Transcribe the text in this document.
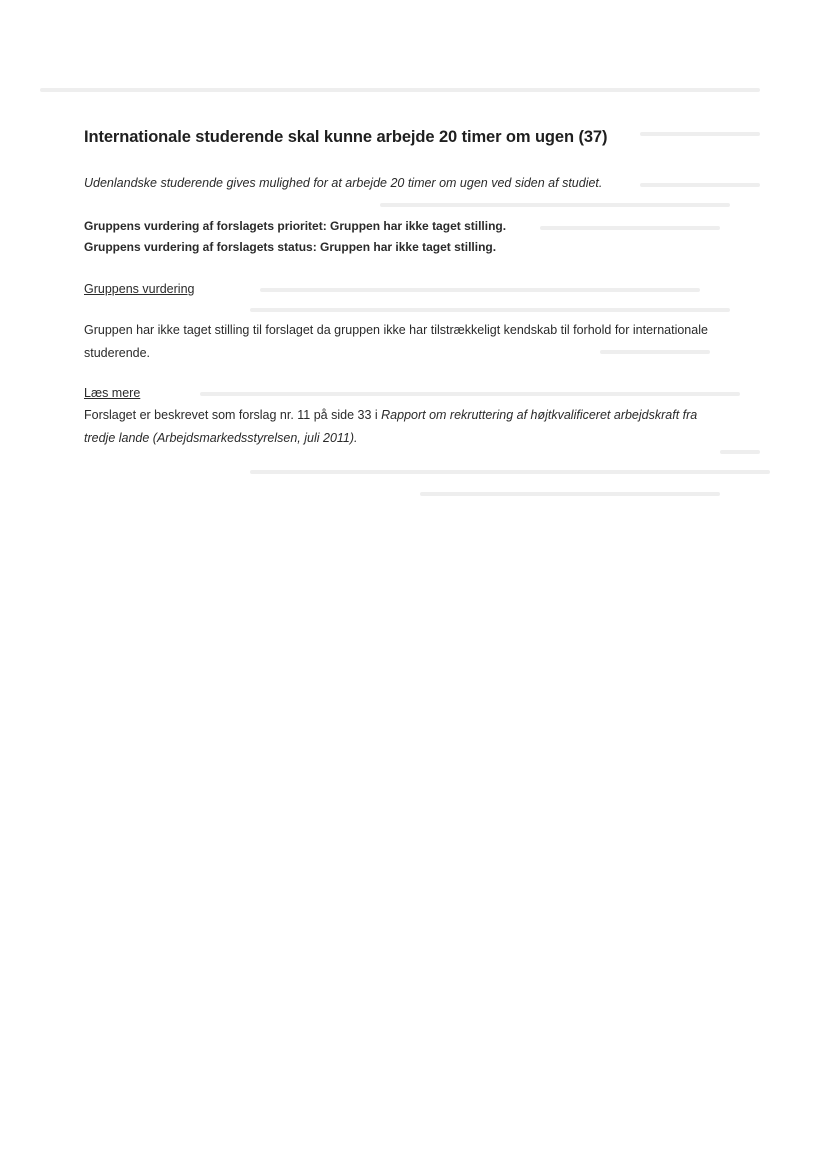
Internationale studerende skal kunne arbejde 20 timer om ugen (37)
Udenlandske studerende gives mulighed for at arbejde 20 timer om ugen ved siden af studiet.
Gruppens vurdering af forslagets prioritet: Gruppen har ikke taget stilling.
Gruppens vurdering af forslagets status: Gruppen har ikke taget stilling.
Gruppens vurdering
Gruppen har ikke taget stilling til forslaget da gruppen ikke har tilstrækkeligt kendskab til forhold for internationale studerende.
Læs mere
Forslaget er beskrevet som forslag nr. 11 på side 33 i Rapport om rekruttering af højtkvalificeret arbejdskraft fra tredje lande (Arbejdsmarkedsstyrelsen, juli 2011).
